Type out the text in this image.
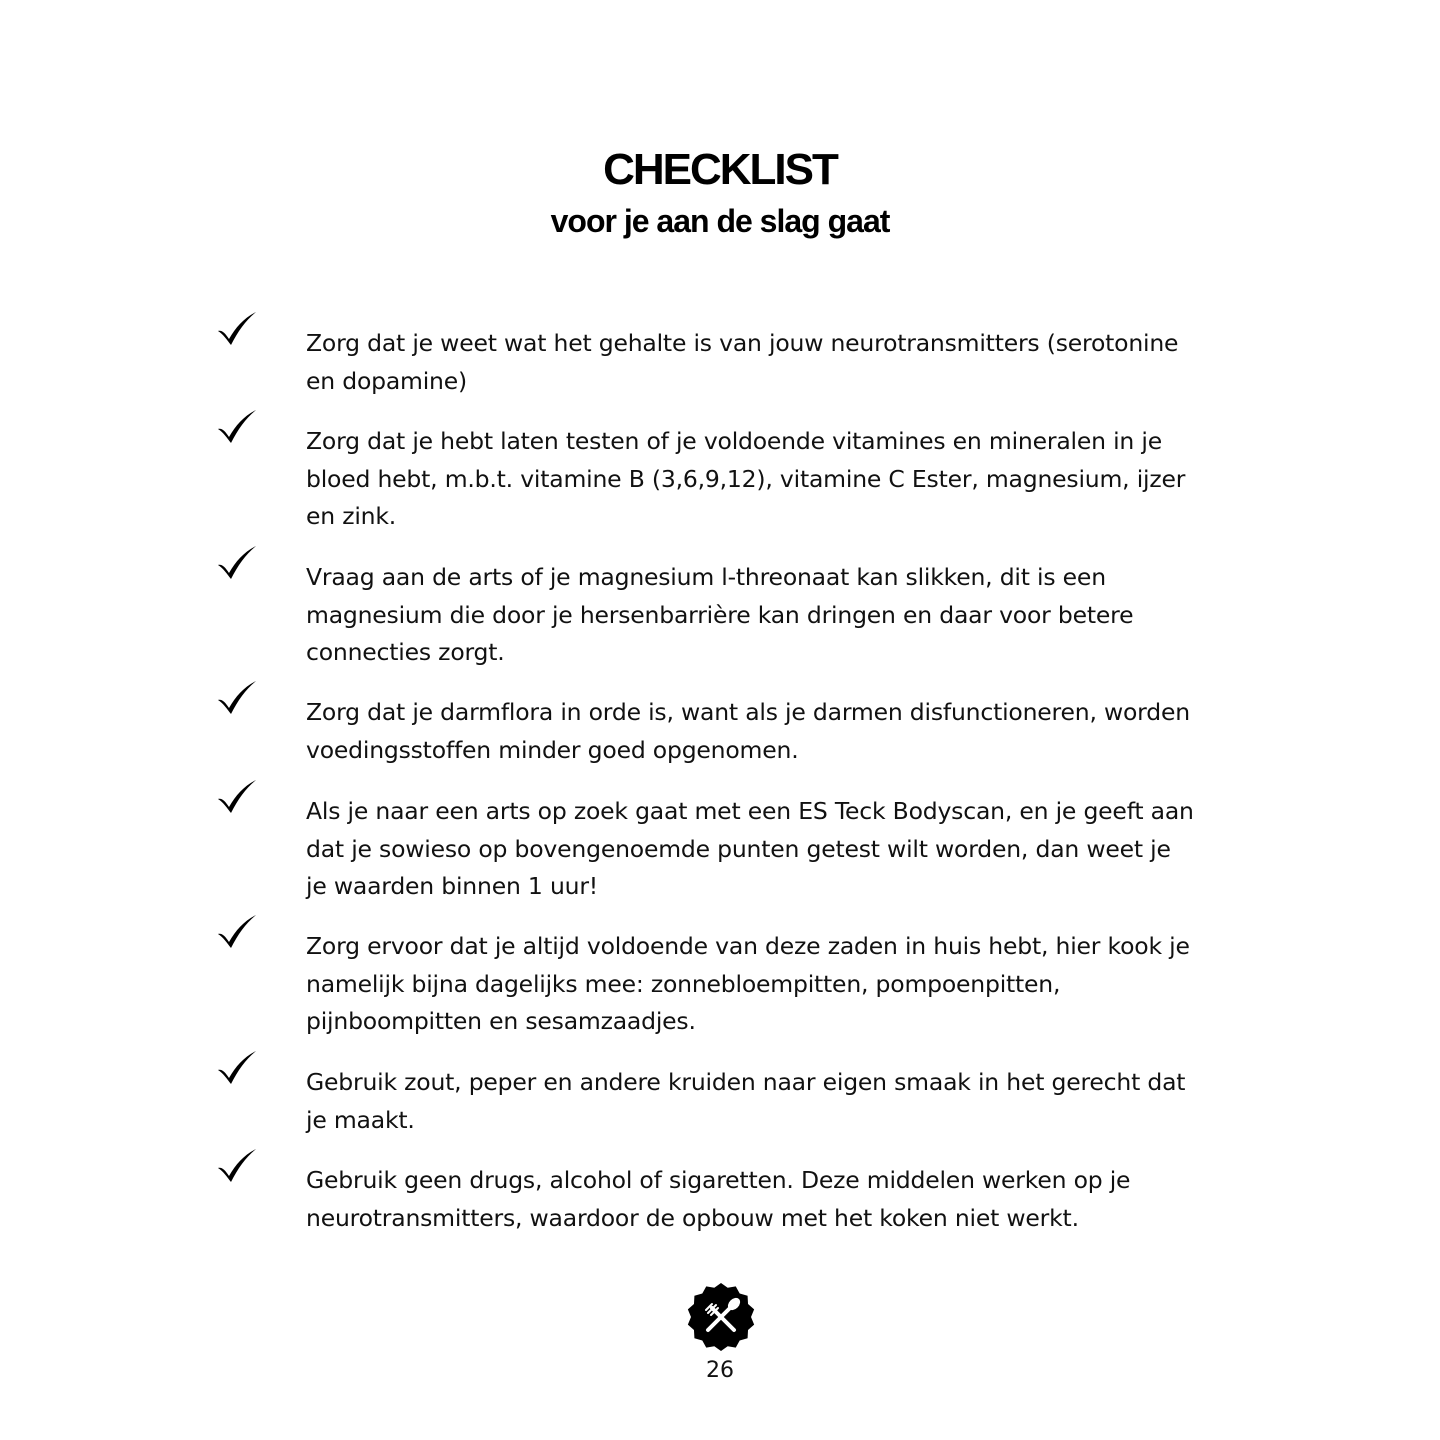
CHECKLIST
voor je aan de slag gaat
Zorg dat je weet wat het gehalte is van jouw neurotransmitters (serotonine en dopamine)
Zorg dat je hebt laten testen of je voldoende vitamines en mineralen in je bloed hebt, m.b.t. vitamine B (3,6,9,12), vitamine C Ester, magnesium, ijzer en zink.
Vraag aan de arts of je magnesium l-threonaat kan slikken, dit is een magnesium die door je hersenbarrière kan dringen en daar voor betere connecties zorgt.
Zorg dat je darmflora in orde is, want als je darmen disfunctioneren, worden voedingsstoffen minder goed opgenomen.
Als je naar een arts op zoek gaat met een ES Teck Bodyscan, en je geeft aan dat je sowieso op bovengenoemde punten getest wilt worden, dan weet je je waarden binnen 1 uur!
Zorg ervoor dat je altijd voldoende van deze zaden in huis hebt, hier kook je namelijk bijna dagelijks mee: zonnebloempitten, pompoenpitten, pijnboompitten en sesamzaadjes.
Gebruik zout, peper en andere kruiden naar eigen smaak in het gerecht dat je maakt.
Gebruik geen drugs, alcohol of sigaretten. Deze middelen werken op je neurotransmitters, waardoor de opbouw met het koken niet werkt.
26
